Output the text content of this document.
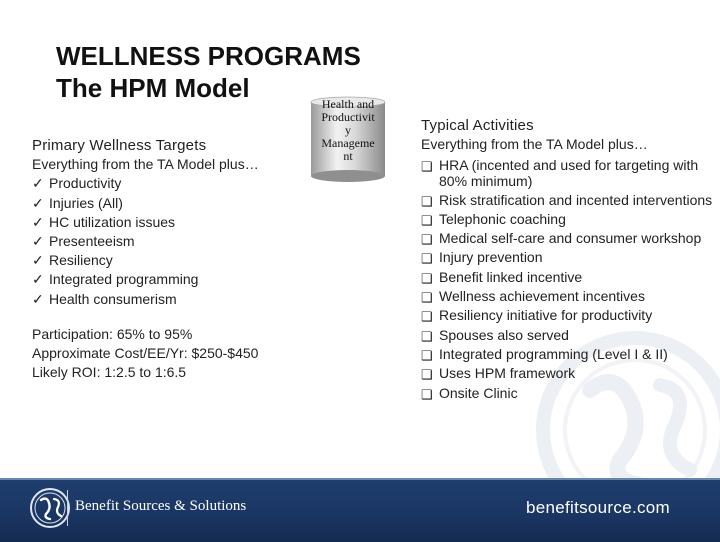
WELLNESS PROGRAMS
The HPM Model
Health and
Productivit
y
Manageme
nt
Primary Wellness Targets
Everything from the TA Model plus…
✓ Productivity
✓ Injuries (All)
✓ HC utilization issues
✓ Presenteeism
✓ Resiliency
✓ Integrated programming
✓ Health consumerism
Participation: 65% to 95%
Approximate Cost/EE/Yr: $250-$450
Likely ROI: 1:2.5 to 1:6.5
Typical Activities
Everything from the TA Model plus…
❑ HRA (incented and used for targeting with 80% minimum)
❑ Risk stratification and incented interventions
❑ Telephonic coaching
❑ Medical self-care and consumer workshop
❑ Injury prevention
❑ Benefit linked incentive
❑ Wellness achievement incentives
❑ Resiliency initiative for productivity
❑ Spouses also served
❑ Integrated programming (Level I & II)
❑ Uses HPM framework
❑ Onsite Clinic
Benefit Sources & Solutions	benefitsource.com
